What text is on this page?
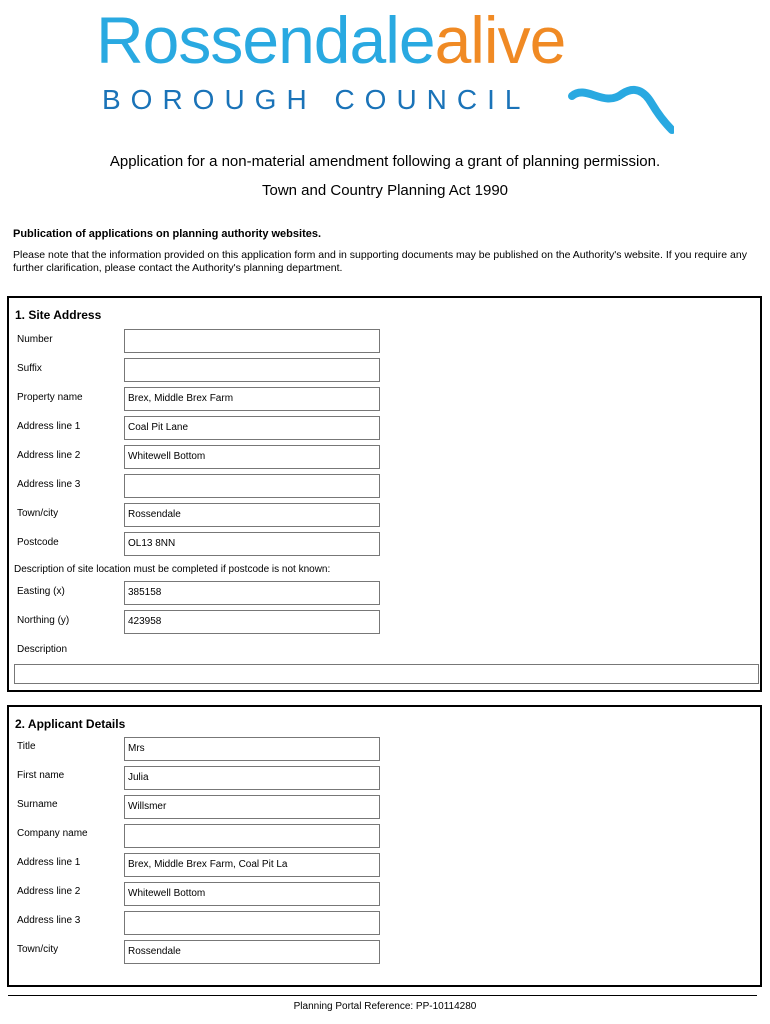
Rossendalealive
BOROUGH COUNCIL
Application for a non-material amendment following a grant of planning permission.
Town and Country Planning Act 1990
Publication of applications on planning authority websites.
Please note that the information provided on this application form and in supporting documents may be published on the Authority's website. If you require any further clarification, please contact the Authority's planning department.
1. Site Address
Number
Suffix
Property name	Brex, Middle Brex Farm
Address line 1	Coal Pit Lane
Address line 2	Whitewell Bottom
Address line 3
Town/city	Rossendale
Postcode	OL13 8NN
Description of site location must be completed if postcode is not known:
Easting (x)	385158
Northing (y)	423958
Description
2. Applicant Details
Title	Mrs
First name	Julia
Surname	Willsmer
Company name
Address line 1	Brex, Middle Brex Farm, Coal Pit La
Address line 2	Whitewell Bottom
Address line 3
Town/city	Rossendale
Planning Portal Reference: PP-10114280
